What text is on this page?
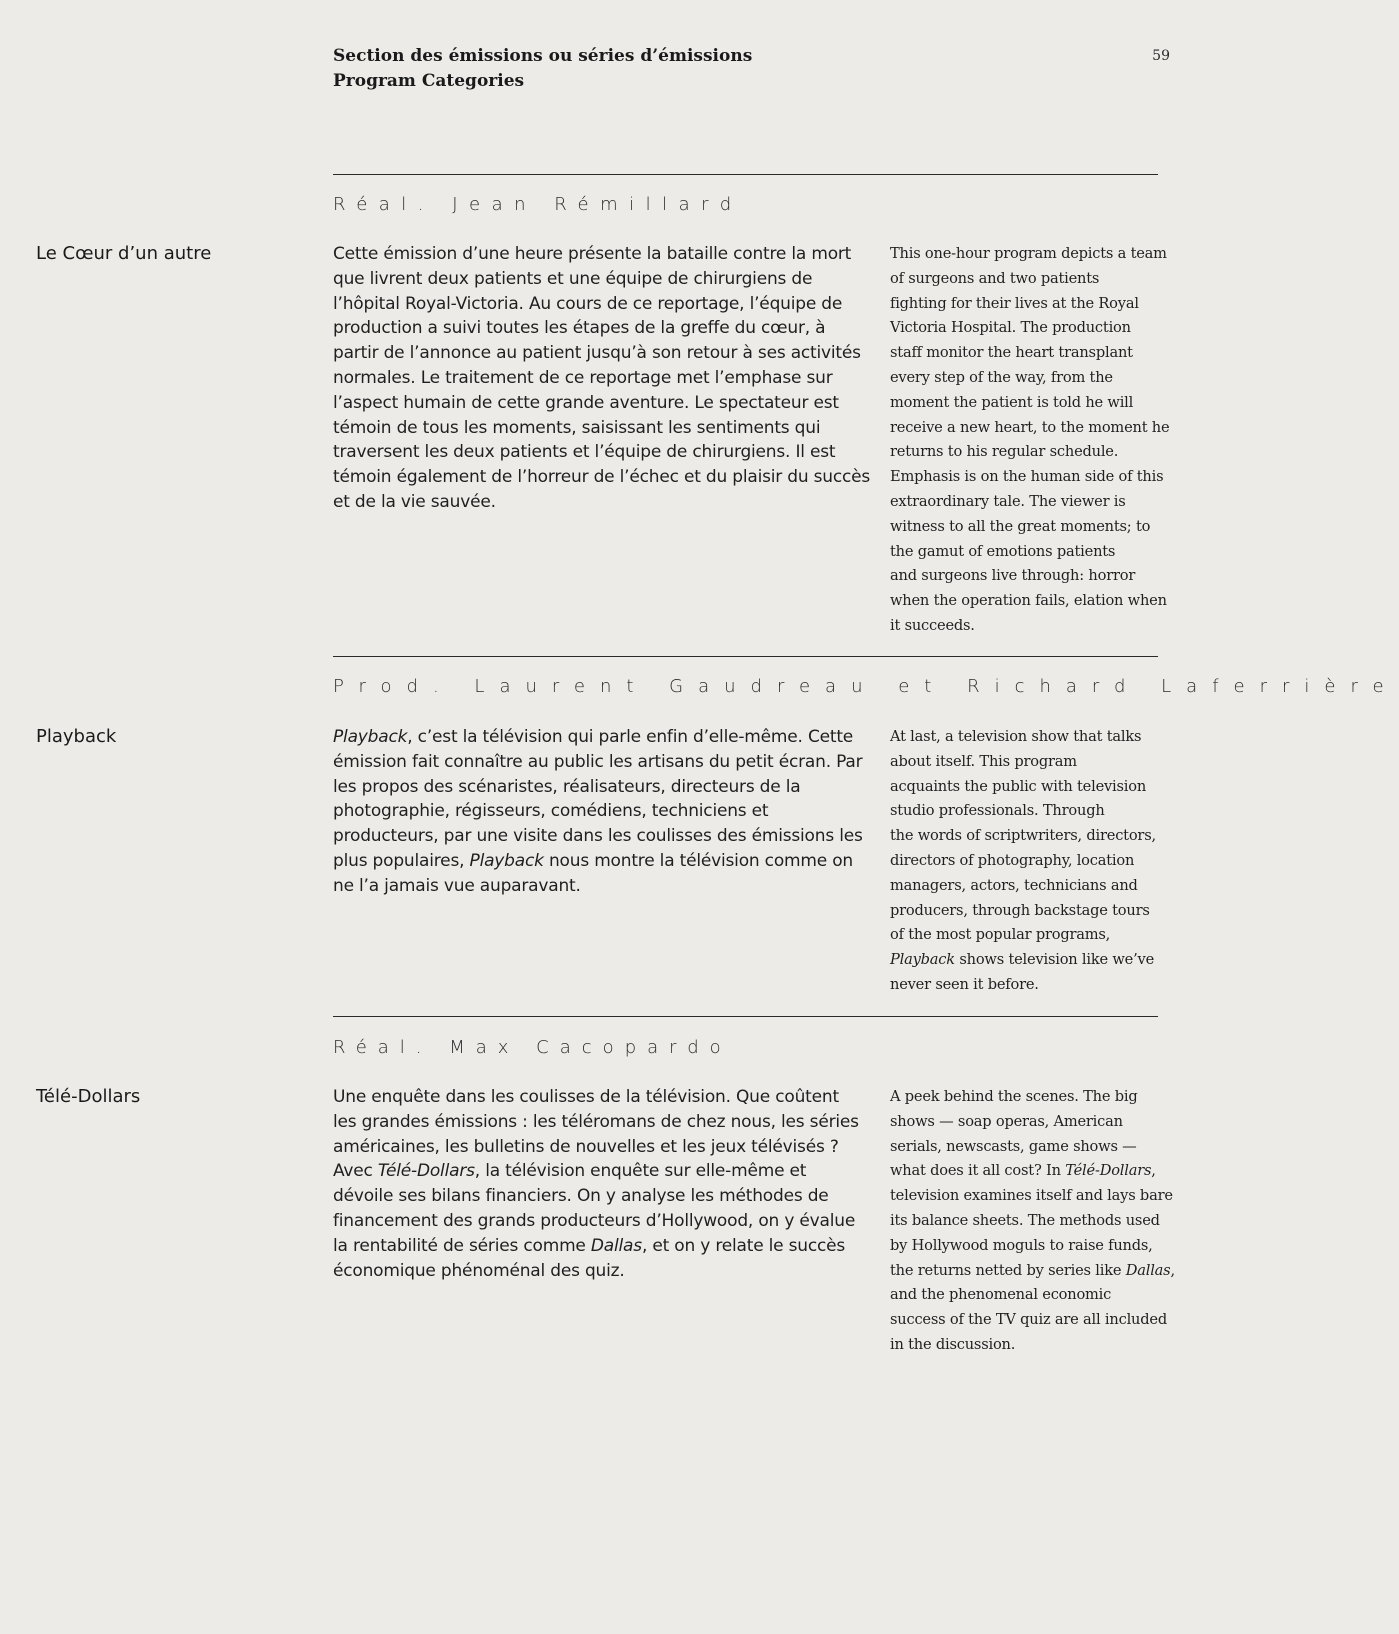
Section des émissions ou séries d’émissions
Program Categories
59
Réal. Jean Rémillard
Le Cœur d’un autre	Cette émission d’une heure présente la bataille contre la mort
que livrent deux patients et une équipe de chirurgiens de
l’hôpital Royal-Victoria. Au cours de ce reportage, l’équipe de
production a suivi toutes les étapes de la greffe du cœur, à
partir de l’annonce au patient jusqu’à son retour à ses activités
normales. Le traitement de ce reportage met l’emphase sur
l’aspect humain de cette grande aventure. Le spectateur est
témoin de tous les moments, saisissant les sentiments qui
traversent les deux patients et l’équipe de chirurgiens. Il est
témoin également de l’horreur de l’échec et du plaisir du succès
et de la vie sauvée.
This one-hour program depicts a team
of surgeons and two patients
fighting for their lives at the Royal
Victoria Hospital. The production
staff monitor the heart transplant
every step of the way, from the
moment the patient is told he will
receive a new heart, to the moment he
returns to his regular schedule.
Emphasis is on the human side of this
extraordinary tale. The viewer is
witness to all the great moments; to
the gamut of emotions patients
and surgeons live through: horror
when the operation fails, elation when
it succeeds.
Prod. Laurent Gaudreau et Richard Laferrière
Playback	Playback, c’est la télévision qui parle enfin d’elle-même. Cette
émission fait connaître au public les artisans du petit écran. Par
les propos des scénaristes, réalisateurs, directeurs de la
photographie, régisseurs, comédiens, techniciens et
producteurs, par une visite dans les coulisses des émissions les
plus populaires, Playback nous montre la télévision comme on
ne l’a jamais vue auparavant.
At last, a television show that talks
about itself. This program
acquaints the public with television
studio professionals. Through
the words of scriptwriters, directors,
directors of photography, location
managers, actors, technicians and
producers, through backstage tours
of the most popular programs,
Playback shows television like we’ve
never seen it before.
Réal. Max Cacopardo
Télé-Dollars	Une enquête dans les coulisses de la télévision. Que coûtent
les grandes émissions : les téléromans de chez nous, les séries
américaines, les bulletins de nouvelles et les jeux télévisés ?
Avec Télé-Dollars, la télévision enquête sur elle-même et
dévoile ses bilans financiers. On y analyse les méthodes de
financement des grands producteurs d’Hollywood, on y évalue
la rentabilité de séries comme Dallas, et on y relate le succès
économique phénoménal des quiz.
A peek behind the scenes. The big
shows — soap operas, American
serials, newscasts, game shows —
what does it all cost? In Télé-Dollars,
television examines itself and lays bare
its balance sheets. The methods used
by Hollywood moguls to raise funds,
the returns netted by series like Dallas,
and the phenomenal economic
success of the TV quiz are all included
in the discussion.
